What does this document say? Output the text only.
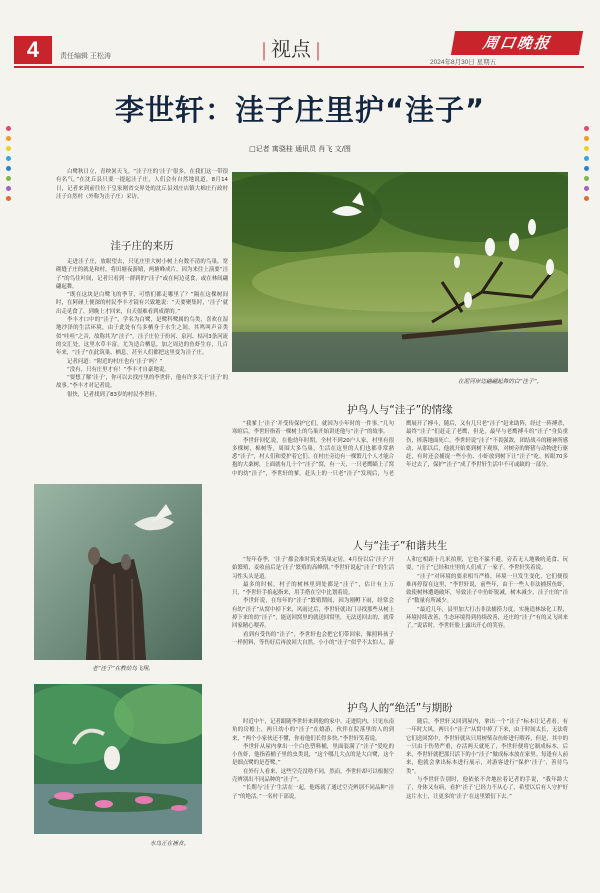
4	责任编辑 王松涛	| 视点 |	周口晚报
2024年8月30日 星期五
李世轩：洼子庄里护“洼子”
□记者 寓骁桂 通讯员 肖飞 文/图

白鹭秋日立，青秧暑天飞。“洼子庄的‘洼子’很多，在我们这一带很有名气。”在沈丘县只要一提起洼子庄，人们会有自然地说道。8月14日，记者来到前往位于皇家刚省交界处的沈丘县刘庄店镇大棉庄行政村洼子自然村（外称为洼子庄）采访。

洼子庄的来历

走进洼子庄，放眼望去，只见庄里大树小树上有数不清的鸟巢，宽砌缝子庄的就是和村，将田塘夜游嬉，两塘峰成片。因为来往上演要“洼子”的鸟住叶间，记者只看到一群到的“洼子”或在何边觅食，或在林间翩翩起舞。

“既在这块是白鹭飞的季节，可惜们都走哪里了？”隔在这棵树间时，在阿碰上便深的村民李丰才镜有兴致地说：“天要聚集时，‘洼子’就出走觅食了，到晚上才回来，自天很难看到成群的。”

李丰才口中的“洼子”，学名为白鹭，是鹭科鹭属的鸟类，喜欢在湿地沙泽的生活环境，由于此处有鸟多栖身于水生之间，其鸣叫声音类似“哇哇”之音，故称其为“洼子”。洼子庄位于扮河、泉河、枯河3条河流的交汇处，这里水草丰富，尤为适合栖息，加之周边的鱼虾生存，几百年来，“洼子”在此筑巢、栖息，甚至人们都把这里变为洼子庄。

记者问道：“附近的村庄也有‘洼子’吗？”

“没有，只有庄里才有！”李丰才自豪地说。

“要想了解‘洼子’，你可以去找庄里的李世轩，他有许多关于‘洼子’的故事。”李丰才对记者说。

很快，记者找到了83岁的村民李世轩。

在泥河岸边翩翩起舞的白“洼子”。
护鸟人与“洼子”的情缘

“我爹上‘洼子’并受传保护它们，就因为小年时的一件事。”几句寒暄后，李世轩指着一棵树上的鸟巢开始讲述他与“洼子”的故事。

李世轩回忆说，在他幼年时期，全村不到20户人家，村里有很多棵树，棉树等，周围大多鸟巢，生活在这里的人们也都非常熟悉“洼子”，村人们和爱护着它们。在村庄旁边有一棵繁几个人才能合抱的大桑树，上面就有几十个“洼子”窝，有一天，一只老鹰瞄上了窝中的幼“洼子”，李世轩的爹，赶头上的一只老“洼子”发现后，与老鹰展开了搏斗，随后，又有几只老“洼子”赶来助阵，经过一阵搏杀，最终“洼子”们赶走了老鹰，但是，最早与老鹰搏斗的“洼子”身负重伤，摔落地面死亡。李世轩说“洼子”不畏强敌，团结战斗的精神所感动，从那以后，他就开始要到树下观察，对树旁的野猪与动物进行驱赶，有时还会捕捉一些小鱼、小虾放到树下让“洼子”吃。转眼70多年过去了，保护“洼子”成了李世轩生活中不可或缺的一部分。

老“洼子”在教幼鸟飞翔。
人与“洼子”和谐共生

“每年春季，‘洼子’都会准时筑来筑巢定居，4月份以后‘洼子’开始繁殖，麦收前后是‘洼子’繁殖的高峰期。”李世轩说起“洼子”的生活习性头头是道。

最多的时候，村子的树林里到处都是“洼子”，估计有上万只，“李世轩手掐起指来，用手搭在空中比划着说。

李世轩说，在每年的“洼子”繁殖期间，因为刚孵下雨，经常会有幼“洼子”从窝中掉下来，风雨过后，李世轩就出门寻找那些从树上掉下来的幼“洼子”，能送回窝里的就送回窝里，无法送回去的，就带回家精心喂养。

看到有受伤的“洼子”，李世轩也会把它们带回家，像照料孩子一样照料，等伤好后再放回大自然。小小的“洼子”似乎不太怕人，游人和它相距十几米拍照，它也不躲不避，旁若无人地吸吮觅食、玩耍。“洼子”已经和庄里的人们成了一家子。李世轩笑着说。

“洼子”对环境的要求相当严格，环境一旦发生变化，它们便很难再停留在这里，“李世轩说，前些年，由于一些人非法捕捞鱼虾，致使树林遭遇破坏，导致洼子中鱼虾锐减，树木减少，洼子庄的“洼子”数量有所减少。

“最近几年，县里加大打击非法捕捞力度，实施造林绿化工程，环境持续改善，生态环境得到持续改善，还庄的“洼子”有的又飞回来了。”说话时，李世轩脸上露出开心的笑容。

水鸟正在捕食。
护鸟人的“绝活”与期盼

时近中午，记者跟随李世轩来到他的家中。走进院内，只见东南角的房檐上，两只幼小的“洼子”在嬉游，伙伴在院落里的人的到来，“两个小家伙还不懂，你看他们长得多快。”李世轩笑着说。

李世轩从屋内拿出一个白色塑料桶，里面装满了“洼子”爱吃的小鱼虾，他指着桶子里的虫类说，“这个哪儿大点的是大白鹭，这个是细点鹭的是苍鹭。”

在外行人看来，这些空壳没啥不同，然而，李世轩却可以根据空壳辨别出不同品种的“洼子”。

“长期与‘洼子’生活在一起，他练就了通过空壳辨别不同品种“洼子”的绝活。”一名村干部说。

随后，李世轩又回到屋内，拿出一个“洼子”标本让记者看。有一年时大风，两只小“洼子”从窝中掉了下来，由于时间太长，无法将它们送回窝中，李世轩就从只用树柴杂鱼虾进行喂养，但是，其中的一只由于伤势严重，存活两天就死了，李世轩便将它制成标本，后来，李世轩就把那只活下的小“洼子”做成标本放在家里。每逢有人前来，他就会拿出标本进行展示，对游客进行“保护‘洼子’，善待鸟类”。

与李世轩告别时，他依依不舍地拉着记者的手说，“我年龄大了，身体又有病，看护‘洼子’已经力不从心了，希望以后有人守护好这片水土，让更多的‘洼子’在这里繁衍下去。”
